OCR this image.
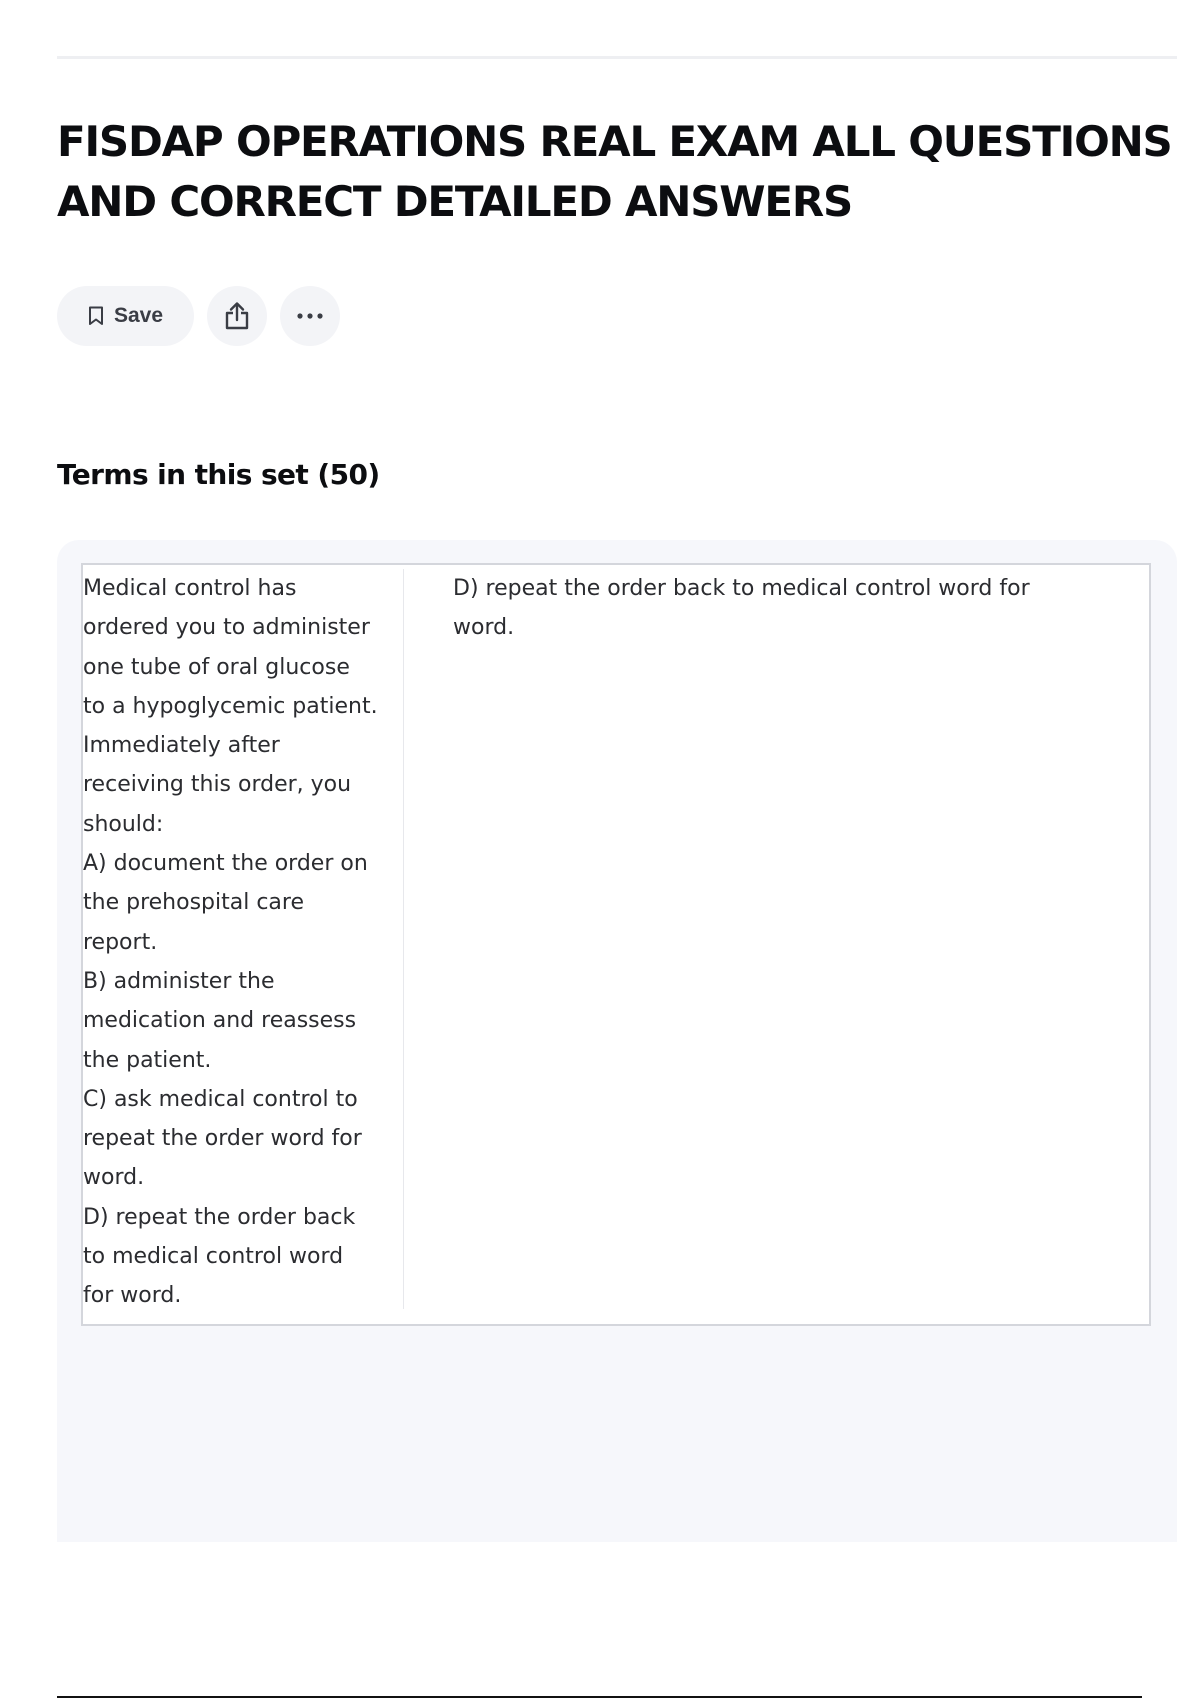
FISDAP OPERATIONS REAL EXAM ALL QUESTIONS AND CORRECT DETAILED ANSWERS
Save
Terms in this set (50)

Medical control has
ordered you to administer
one tube of oral glucose
to a hypoglycemic patient.
Immediately after
receiving this order, you
should:
A) document the order on
the prehospital care
report.
B) administer the
medication and reassess
the patient.
C) ask medical control to
repeat the order word for
word.
D) repeat the order back
to medical control word
for word.

D) repeat the order back to medical control word for
word.
